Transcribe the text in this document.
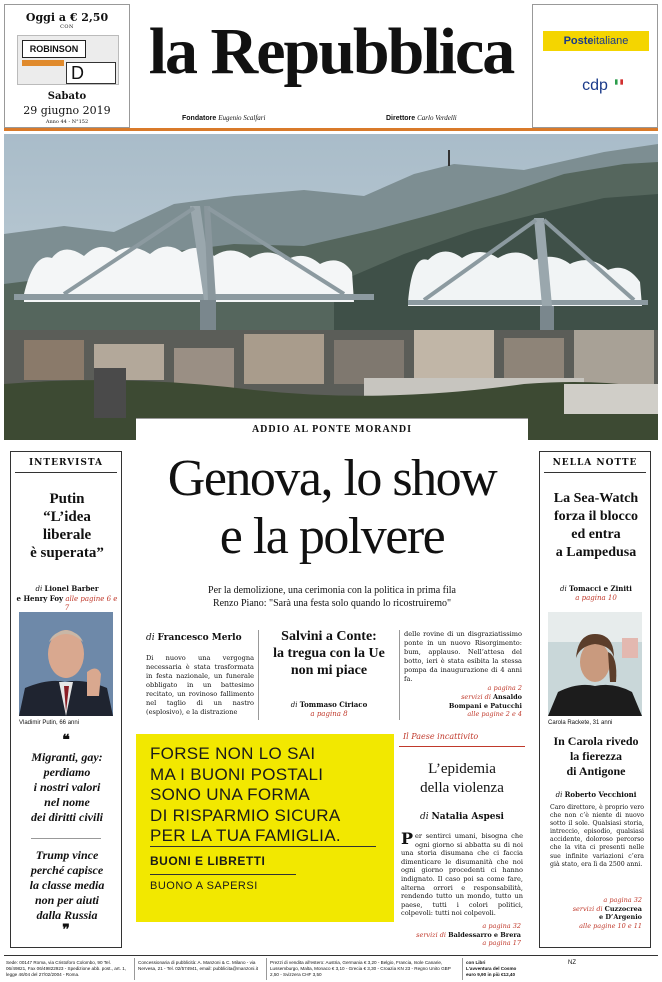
Oggi a € 2,50
CON
ROBINSON
D
Sabato
29 giugno 2019
Anno 44 - N°152
la Repubblica
Fondatore Eugenio Scalfari	Direttore Carlo Verdelli
Posteitaliane
cdp
ADDIO AL PONTE MORANDI
Genova, lo show
e la polvere
Per la demolizione, una cerimonia con la politica in prima fila
Renzo Piano: "Sarà una festa solo quando lo ricostruiremo"
INTERVISTA
Putin
“L’idea
liberale
è superata”
di Lionel Barber
e Henry Foy alle pagine 6 e 7
Vladimir Putin, 66 anni
❝
Migranti, gay:
perdiamo
i nostri valori
nel nome
dei diritti civili
Trump vince
perché capisce
la classe media
non per aiuti
dalla Russia
❞
NELLA NOTTE
La Sea-Watch
forza il blocco
ed entra
a Lampedusa
di Tomacci e Ziniti
a pagina 10
Carola Rackete, 31 anni
In Carola rivedo
la fierezza
di Antigone
di Roberto Vecchioni
Caro direttore, è proprio vero che non c’è niente di nuovo sotto il sole. Qualsiasi storia, intreccio, episodio, qualsiasi accidente, doloroso percorso che la vita ci presenti nelle sue infinite variazioni c’era già stato, era lì da 2500 anni.
a pagina 32
servizi di Cuzzocrea
e D’Argenio
alle pagine 10 e 11
di Francesco Merlo
Di nuovo una vergogna necessaria è stata trasformata in festa nazionale, un funerale obbligato in un battesimo recitato, un rovinoso fallimento nel taglio di un nastro (esplosivo), e la distrazione
Salvini a Conte:
la tregua con la Ue
non mi piace
di Tommaso Ciriaco
a pagina 8
delle rovine di un disgraziatissimo ponte in un nuovo Risorgimento: bum, applauso. Nell’attesa del botto, ieri è stata esibita la stessa pompa da inaugurazione di 4 anni fa.
a pagina 2
servizi di Ansaldo
Bompani e Patucchi
alle pagine 2 e 4
FORSE NON LO SAI
MA I BUONI POSTALI
SONO UNA FORMA
DI RISPARMIO SICURA
PER LA TUA FAMIGLIA.
BUONI E LIBRETTI
BUONO A SAPERSI
Il Paese incattivito
L’epidemia
della violenza
di Natalia Aspesi
Per sentirci umani, bisogna che ogni giorno si abbatta su di noi una storia disumana che ci faccia dimenticare le disumanità che noi ogni giorno procedenti ci hanno indignato. Il caso poi sa come fare, alterna orrori e responsabilità, rendendo tutto un mondo, tutto un paese, tutti i colori politici, colpevoli: tutti noi colpevoli.
a pagina 32
servizi di Baldessarro e Brera
a pagina 17
Sede: 00147 Roma, via Cristoforo Colombo, 90 Tel. 06/49821, Fax 06/49822923 - Spedizione abb. post., art. 1, legge 46/04 del 27/02/2004 - Roma.
Concessionaria di pubblicità: A. Manzoni & C. Milano - via Nervesa, 21 - Tel. 02/574941, email: pubblicita@manzoni.it
Prezzi di vendita all'estero: Austria, Germania € 3,20 - Belgio, Francia, Isole Canarie, Lussemburgo, Malta, Monaco € 3,10 - Grecia € 3,30 - Croazia KN 23 - Regno Unito GBP 2,50 - Svizzera CHF 3,50
con Libri
L'avventura del Cosmo
euro 9,90 in più €12,40
NZ
